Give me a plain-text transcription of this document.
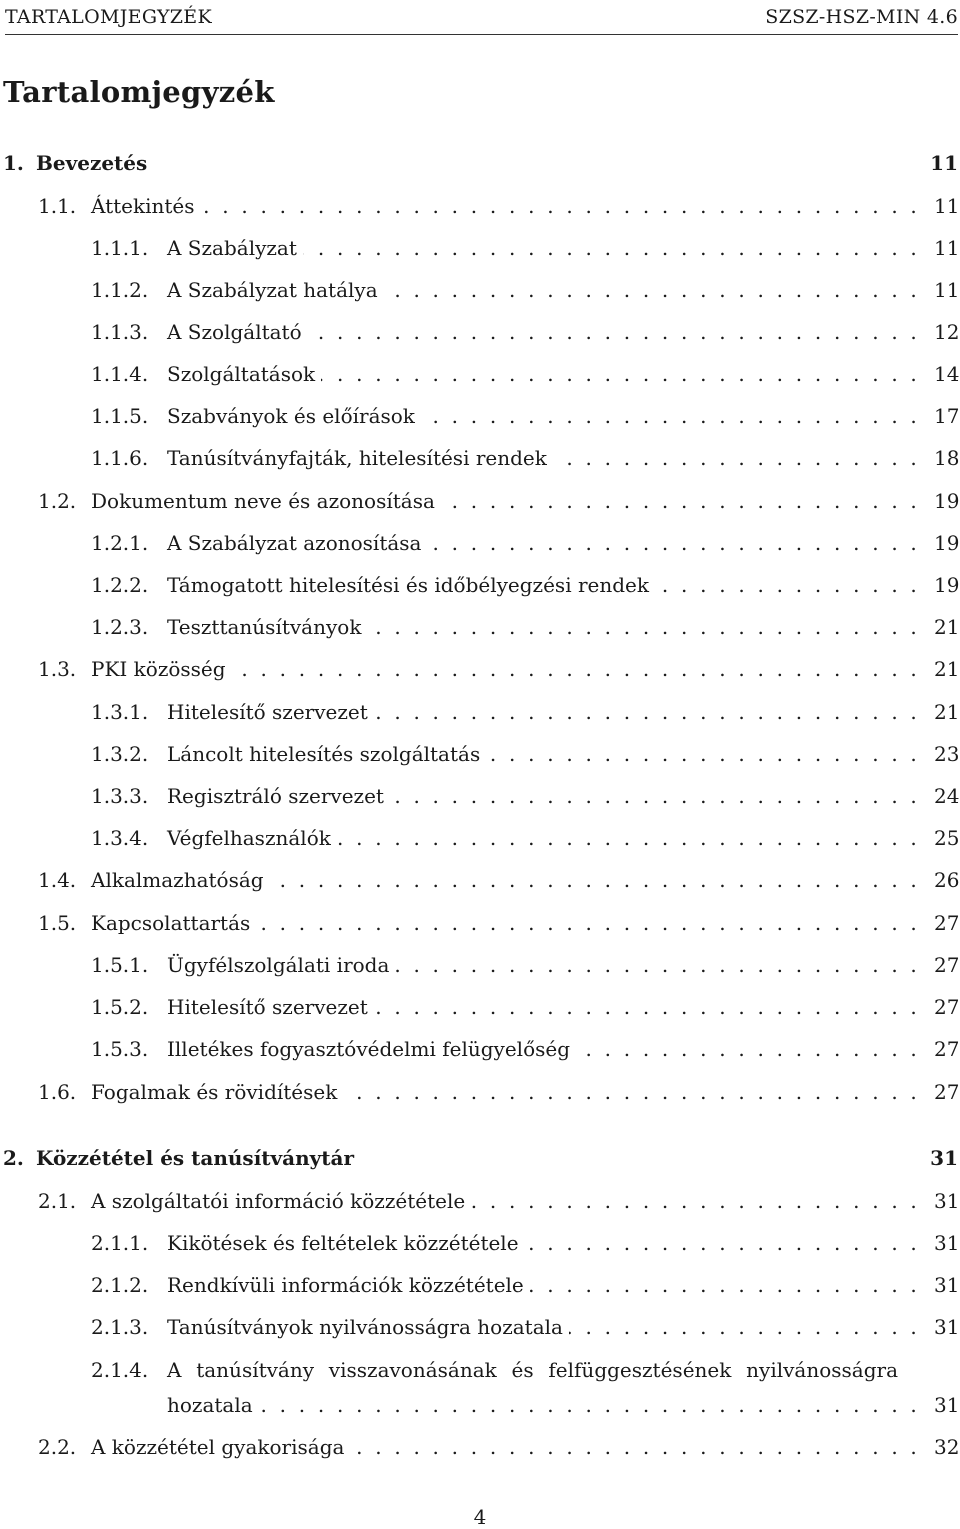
TARTALOMJEGYZÉK	SZSZ-HSZ-MIN 4.6
Tartalomjegyzék
1. Bevezetés	11
1.1. Áttekintés . . .	11
1.1.1. A Szabályzat . . .	11
1.1.2. A Szabályzat hatálya . . .	11
1.1.3. A Szolgáltató . . .	12
1.1.4. Szolgáltatások . . .	14
1.1.5. Szabványok és előírások . . .	17
1.1.6. Tanúsítványfajták, hitelesítési rendek . . .	18
1.2. Dokumentum neve és azonosítása . . .	19
1.2.1. A Szabályzat azonosítása . . .	19
1.2.2. Támogatott hitelesítési és időbélyegzési rendek . . .	19
1.2.3. Teszttanúsítványok . . .	21
1.3. PKI közösség . . .	21
1.3.1. Hitelesítő szervezet . . .	21
1.3.2. Láncolt hitelesítés szolgáltatás . . .	23
1.3.3. Regisztráló szervezet . . .	24
1.3.4. Végfelhasználók . . .	25
1.4. Alkalmazhatóság . . .	26
1.5. Kapcsolattartás . . .	27
1.5.1. Ügyfélszolgálati iroda . . .	27
1.5.2. Hitelesítő szervezet . . .	27
1.5.3. Illetékes fogyasztóvédelmi felügyelőség . . .	27
1.6. Fogalmak és rövidítések . . .	27
2. Közzététel és tanúsítványtár	31
2.1. A szolgáltatói információ közzététele . . .	31
2.1.1. Kikötések és feltételek közzététele . . .	31
2.1.2. Rendkívüli információk közzététele . . .	31
2.1.3. Tanúsítványok nyilvánosságra hozatala . . .	31
2.1.4. A tanúsítvány visszavonásának és felfüggesztésének nyilvánosságra
hozatala . . .	31
2.2. A közzététel gyakorisága . . .	32
4
